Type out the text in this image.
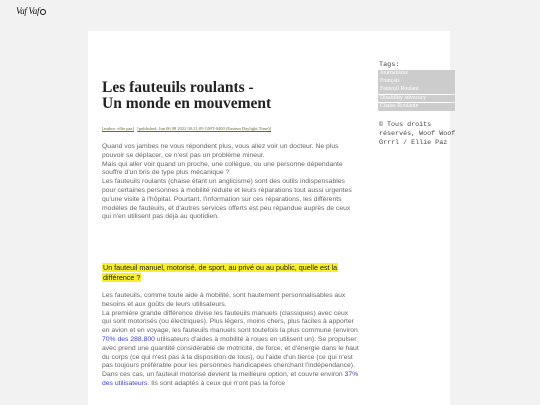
Vaf Vaf
Les fauteuils roulants -
Un monde en mouvement
[author: ellie paz] [published: Jun 06 08 2022 00:21:09 GMT-0400 (Eastern Daylight Time)]
Quand vos jambes ne vous répondent plus, vous allez voir un docteur. Ne plus pouvoir se déplacer, ce n'est pas un problème mineur.
Mais qui aller voir quand un proche, une collègue, ou une personne dépendante souffre d'un bris de type plus mécanique ?
Les fauteuils roulants (chaise étant un anglicisme) sont des outils indispensables pour certaines personnes à mobilité réduite et leurs réparations tout aussi urgentes qu'une visite à l'hôpital. Pourtant, l'information sur ces réparations, les différents modèles de fauteuils, et d'autres services offerts est peu répandue auprès de ceux qui n'en utilisent pas déjà au quotidien.
Un fauteuil manuel, motorisé, de sport, au privé ou au public, quelle est la différence ?
Les fauteuils, comme toute aide à mobilité, sont hautement personnalisables aux besoins et aux goûts de leurs utilisateurs.
La première grande différence divise les fauteuils manuels (classiques) avec ceux qui sont motorisés (ou électriques). Plus légers, moins chers, plus faciles à apporter en avion et en voyage, les fauteuils manuels sont toutefois la plus commune (environ 70% des 288.800 utilisateurs d'aides à mobilité à roues en utilisent un). Se propulser avec prend une quantité considérable de motricité, de force, et d'énergie dans le haut du corps (ce qui n'est pas à la disposition de tous), ou l'aide d'un tierce (ce qui n'est pas toujours préférable pour les personnes handicapées cherchant l'indépendance).
Dans ces cas, un fauteuil motorisé devient la meilleure option, et couvre environ 37% des utilisateurs. Ils sont adaptés à ceux qui n'ont pas la force
Tags:
Journalisme
Français
Fauteuil Roulant
Disability advocacy
Chaise Roulante
© Tous droits réservés, Woof Woof Grrrl / Ellie Paz
